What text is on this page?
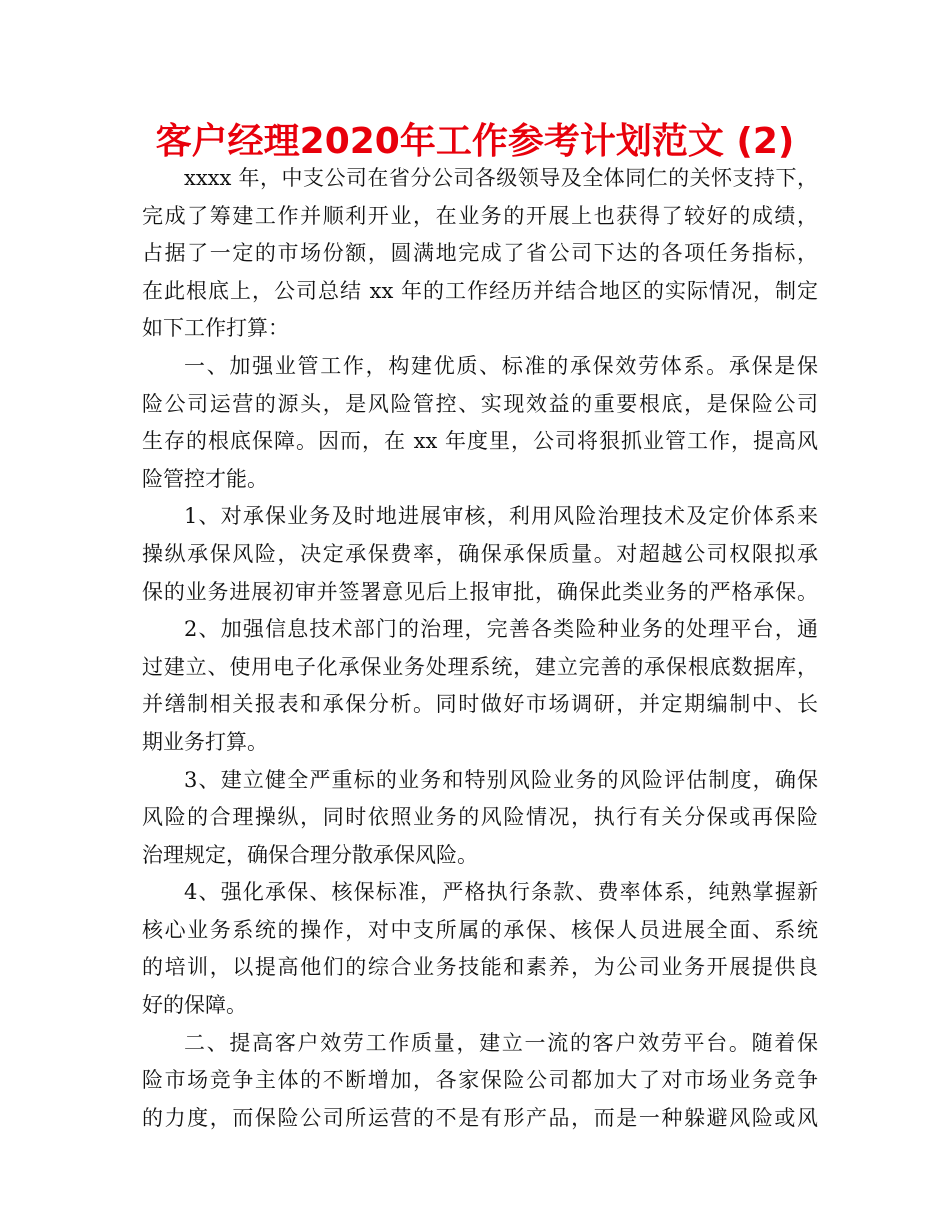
客户经理2020年工作参考计划范文 (2)
xxxx 年，中支公司在省分公司各级领导及全体同仁的关怀支持下，
完成了筹建工作并顺利开业，在业务的开展上也获得了较好的成绩，
占据了一定的市场份额，圆满地完成了省公司下达的各项任务指标，
在此根底上，公司总结 xx 年的工作经历并结合地区的实际情况，制定
如下工作打算：
一、加强业管工作，构建优质、标准的承保效劳体系。承保是保
险公司运营的源头，是风险管控、实现效益的重要根底，是保险公司
生存的根底保障。因而，在 xx 年度里，公司将狠抓业管工作，提高风
险管控才能。
1、对承保业务及时地进展审核，利用风险治理技术及定价体系来
操纵承保风险，决定承保费率，确保承保质量。对超越公司权限拟承
保的业务进展初审并签署意见后上报审批，确保此类业务的严格承保。
2、加强信息技术部门的治理，完善各类险种业务的处理平台，通
过建立、使用电子化承保业务处理系统，建立完善的承保根底数据库，
并缮制相关报表和承保分析。同时做好市场调研，并定期编制中、长
期业务打算。
3、建立健全严重标的业务和特别风险业务的风险评估制度，确保
风险的合理操纵，同时依照业务的风险情况，执行有关分保或再保险
治理规定，确保合理分散承保风险。
4、强化承保、核保标准，严格执行条款、费率体系，纯熟掌握新
核心业务系统的操作，对中支所属的承保、核保人员进展全面、系统
的培训，以提高他们的综合业务技能和素养，为公司业务开展提供良
好的保障。
二、提高客户效劳工作质量，建立一流的客户效劳平台。随着保
险市场竞争主体的不断增加，各家保险公司都加大了对市场业务竞争
的力度，而保险公司所运营的不是有形产品，而是一种躲避风险或风
